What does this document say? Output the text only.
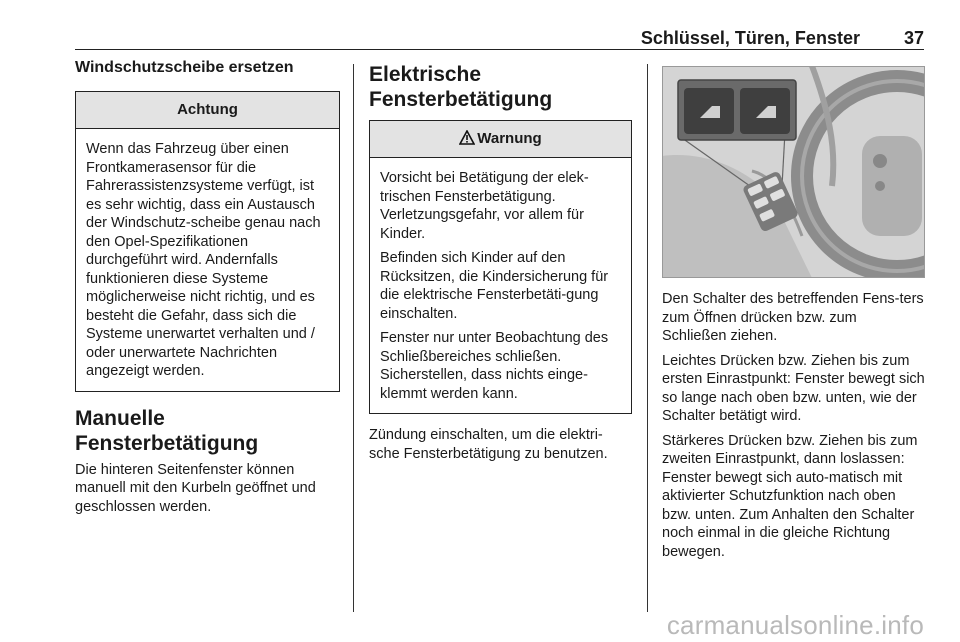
Schlüssel, Türen, Fenster 37
Windschutzscheibe ersetzen
Achtung

Wenn das Fahrzeug über einen Frontkamerasensor für die Fahrerassistenzsysteme verfügt, ist es sehr wichtig, dass ein Austausch der Windschutz-scheibe genau nach den Opel-Spezifikationen durchgeführt wird. Andernfalls funktionieren diese Systeme möglicherweise nicht richtig, und es besteht die Gefahr, dass sich die Systeme unerwartet verhalten und / oder unerwartete Nachrichten angezeigt werden.

Manuelle Fensterbetätigung

Die hinteren Seitenfenster können manuell mit den Kurbeln geöffnet und geschlossen werden.

Elektrische Fensterbetätigung
Warnung

Vorsicht bei Betätigung der elek-trischen Fensterbetätigung. Verletzungsgefahr, vor allem für Kinder.

Befinden sich Kinder auf den Rücksitzen, die Kindersicherung für die elektrische Fensterbetäti-gung einschalten.

Fenster nur unter Beobachtung des Schließbereiches schließen. Sicherstellen, dass nichts einge-klemmt werden kann.

Zündung einschalten, um die elektri-sche Fensterbetätigung zu benutzen.

Den Schalter des betreffenden Fens-ters zum Öffnen drücken bzw. zum Schließen ziehen.

Leichtes Drücken bzw. Ziehen bis zum ersten Einrastpunkt: Fenster bewegt sich so lange nach oben bzw. unten, wie der Schalter betätigt wird.

Stärkeres Drücken bzw. Ziehen bis zum zweiten Einrastpunkt, dann loslassen: Fenster bewegt sich auto-matisch mit aktivierter Schutzfunktion nach oben bzw. unten. Zum Anhalten den Schalter noch einmal in die gleiche Richtung bewegen.

carmanualsonline.info
